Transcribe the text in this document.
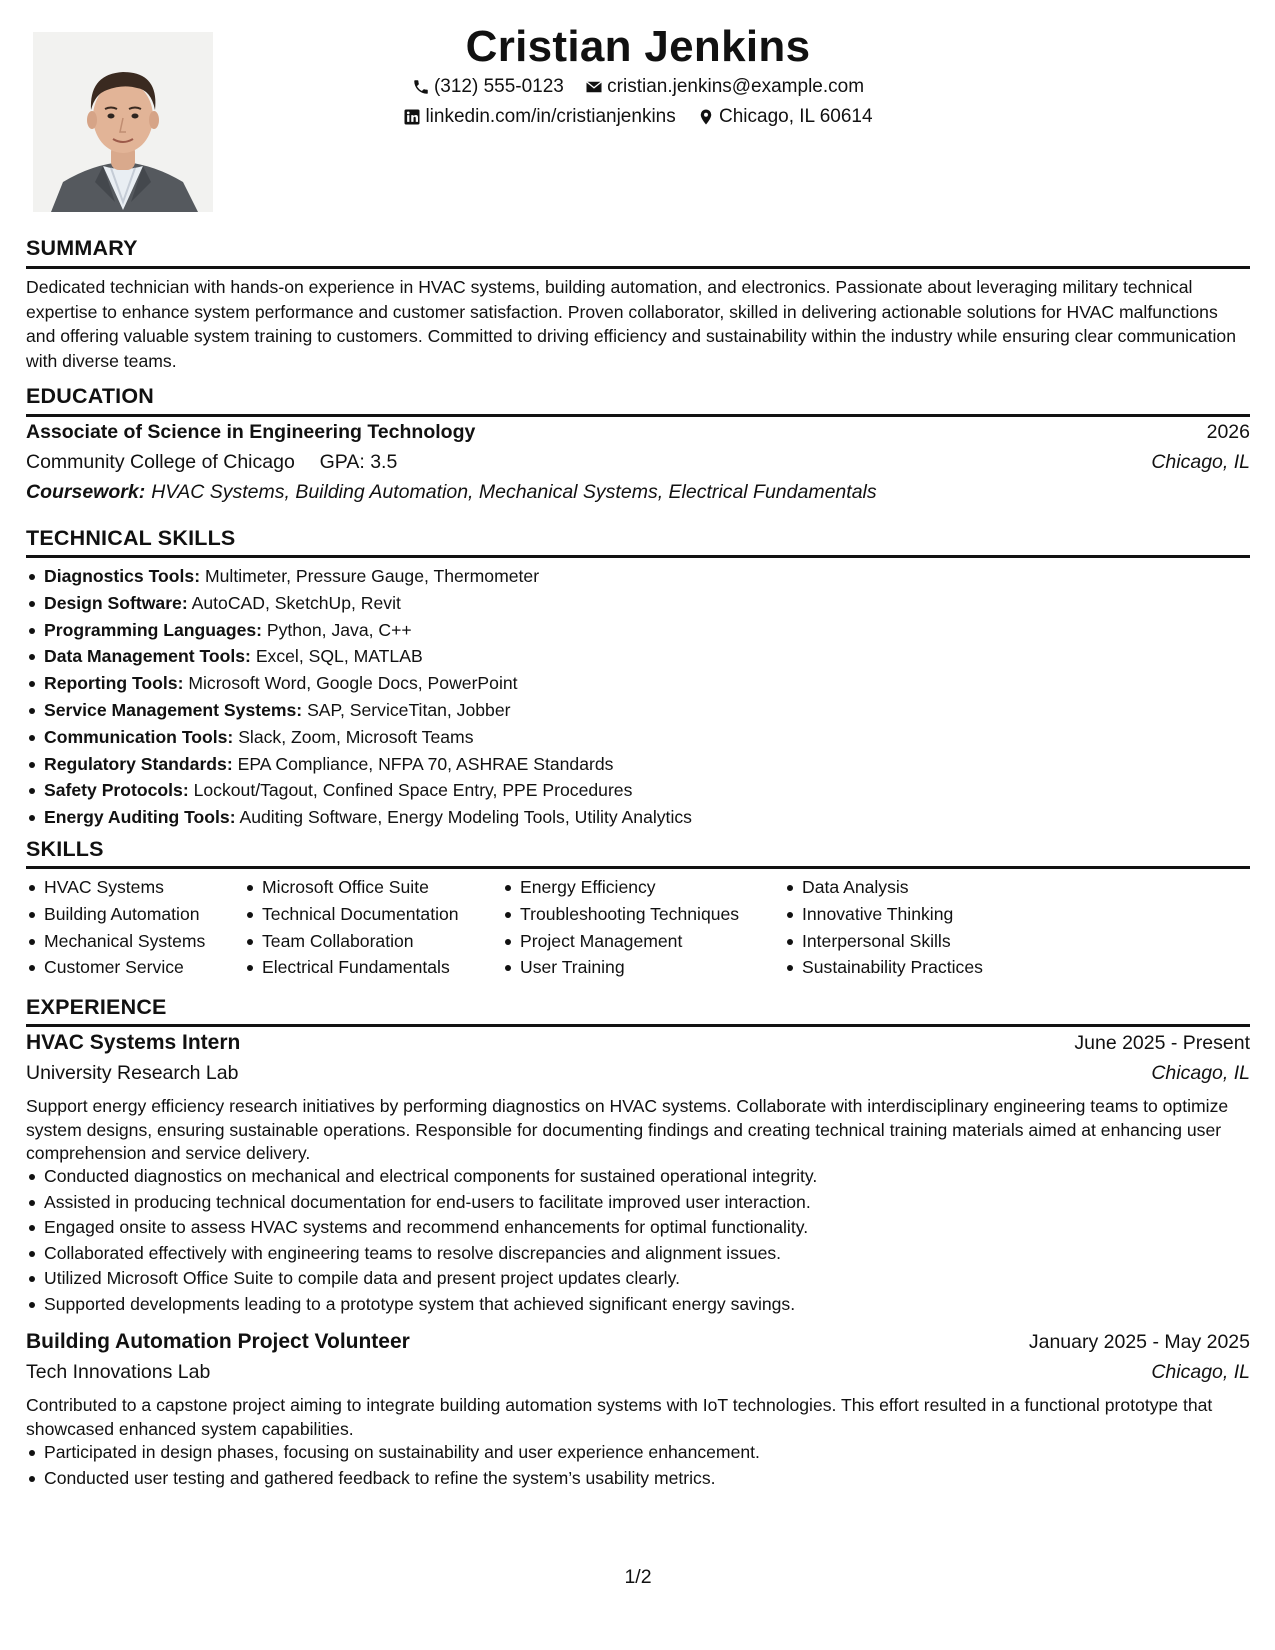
Cristian Jenkins
(312) 555-0123
cristian.jenkins@example.com
linkedin.com/in/cristianjenkins
Chicago, IL 60614
SUMMARY
Dedicated technician with hands-on experience in HVAC systems, building automation, and electronics. Passionate about leveraging military technical expertise to enhance system performance and customer satisfaction. Proven collaborator, skilled in delivering actionable solutions for HVAC malfunctions and offering valuable system training to customers. Committed to driving efficiency and sustainability within the industry while ensuring clear communication with diverse teams.
EDUCATION
Associate of Science in Engineering Technology	2026
Community College of Chicago GPA: 3.5	Chicago, IL
Coursework: HVAC Systems, Building Automation, Mechanical Systems, Electrical Fundamentals
TECHNICAL SKILLS
Diagnostics Tools: Multimeter, Pressure Gauge, Thermometer
Design Software: AutoCAD, SketchUp, Revit
Programming Languages: Python, Java, C++
Data Management Tools: Excel, SQL, MATLAB
Reporting Tools: Microsoft Word, Google Docs, PowerPoint
Service Management Systems: SAP, ServiceTitan, Jobber
Communication Tools: Slack, Zoom, Microsoft Teams
Regulatory Standards: EPA Compliance, NFPA 70, ASHRAE Standards
Safety Protocols: Lockout/Tagout, Confined Space Entry, PPE Procedures
Energy Auditing Tools: Auditing Software, Energy Modeling Tools, Utility Analytics
SKILLS
HVAC Systems
Building Automation
Mechanical Systems
Customer Service
Microsoft Office Suite
Technical Documentation
Team Collaboration
Electrical Fundamentals
Energy Efficiency
Troubleshooting Techniques
Project Management
User Training
Data Analysis
Innovative Thinking
Interpersonal Skills
Sustainability Practices
EXPERIENCE
HVAC Systems Intern	June 2025 - Present
University Research Lab	Chicago, IL
Support energy efficiency research initiatives by performing diagnostics on HVAC systems. Collaborate with interdisciplinary engineering teams to optimize system designs, ensuring sustainable operations. Responsible for documenting findings and creating technical training materials aimed at enhancing user comprehension and service delivery.
Conducted diagnostics on mechanical and electrical components for sustained operational integrity.
Assisted in producing technical documentation for end-users to facilitate improved user interaction.
Engaged onsite to assess HVAC systems and recommend enhancements for optimal functionality.
Collaborated effectively with engineering teams to resolve discrepancies and alignment issues.
Utilized Microsoft Office Suite to compile data and present project updates clearly.
Supported developments leading to a prototype system that achieved significant energy savings.
Building Automation Project Volunteer	January 2025 - May 2025
Tech Innovations Lab	Chicago, IL
Contributed to a capstone project aiming to integrate building automation systems with IoT technologies. This effort resulted in a functional prototype that showcased enhanced system capabilities.
Participated in design phases, focusing on sustainability and user experience enhancement.
Conducted user testing and gathered feedback to refine the system’s usability metrics.
1/2
